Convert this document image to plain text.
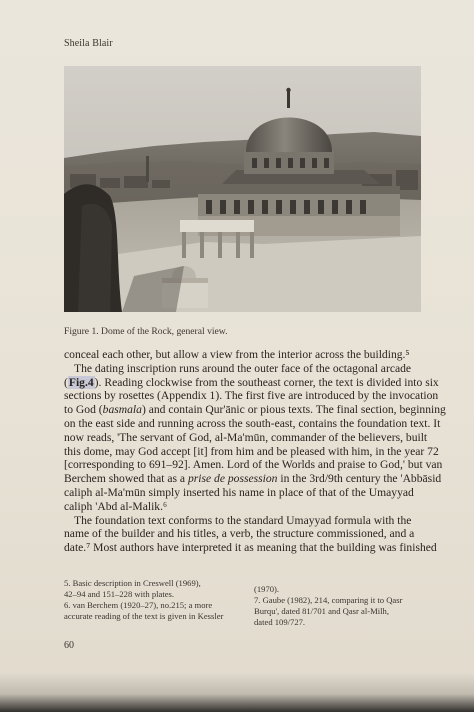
Sheila Blair
Figure 1. Dome of the Rock, general view.
conceal each other, but allow a view from the interior across the building.⁵
The dating inscription runs around the outer face of the octagonal arcade
(Fig.4). Reading clockwise from the southeast corner, the text is divided into six
sections by rosettes (Appendix 1). The first five are introduced by the invocation
to God (basmala) and contain Qur'ānic or pious texts. The final section, beginning
on the east side and running across the south-east, contains the foundation text. It
now reads, 'The servant of God, al-Ma'mūn, commander of the believers, built
this dome, may God accept [it] from him and be pleased with him, in the year 72
[corresponding to 691–92]. Amen. Lord of the Worlds and praise to God,' but van
Berchem showed that as a prise de possession in the 3rd/9th century the 'Abbāsid
caliph al-Ma'mūn simply inserted his name in place of that of the Umayyad
caliph 'Abd al-Malik.⁶
The foundation text conforms to the standard Umayyad formula with the
name of the builder and his titles, a verb, the structure commissioned, and a
date.⁷ Most authors have interpreted it as meaning that the building was finished
5. Basic description in Creswell (1969),
42–94 and 151–228 with plates.
6. van Berchem (1920–27), no.215; a more
accurate reading of the text is given in Kessler
(1970).
7. Gaube (1982), 214, comparing it to Qasr
Burqu', dated 81/701 and Qasr al-Milh,
dated 109/727.
60
